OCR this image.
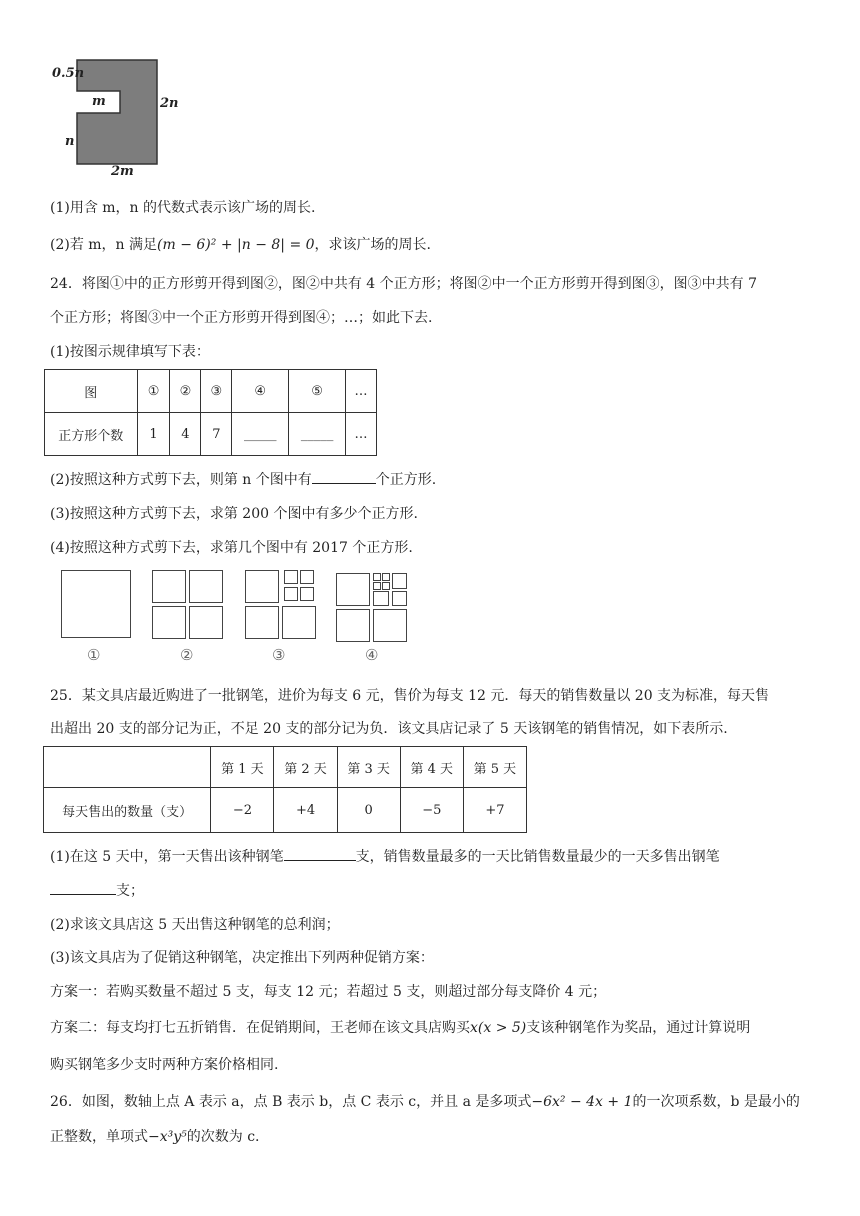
0.5n
m	2n
n
2m
(1)用含 m，n 的代数式表示该广场的周长.
(2)若 m，n 满足(m − 6)² + |n − 8| = 0，求该广场的周长.
24．将图①中的正方形剪开得到图②，图②中共有 4 个正方形；将图②中一个正方形剪开得到图③，图③中共有 7
个正方形；将图③中一个正方形剪开得到图④；…；如此下去.
(1)按图示规律填写下表：
图	①	②	③	④	⑤	…
正方形个数	1	4	7	_____	_____	…
(2)按照这种方式剪下去，则第 n 个图中有	个正方形.
(3)按照这种方式剪下去，求第 200 个图中有多少个正方形.
(4)按照这种方式剪下去，求第几个图中有 2017 个正方形.
①	②	③	④
25．某文具店最近购进了一批钢笔，进价为每支 6 元，售价为每支 12 元．每天的销售数量以 20 支为标准，每天售
出超出 20 支的部分记为正，不足 20 支的部分记为负．该文具店记录了 5 天该钢笔的销售情况，如下表所示.
	第 1 天	第 2 天	第 3 天	第 4 天	第 5 天
每天售出的数量（支）	−2	+4	0	−5	+7
(1)在这 5 天中，第一天售出该种钢笔	支，销售数量最多的一天比销售数量最少的一天多售出钢笔
支；
(2)求该文具店这 5 天出售这种钢笔的总利润；
(3)该文具店为了促销这种钢笔，决定推出下列两种促销方案：
方案一：若购买数量不超过 5 支，每支 12 元；若超过 5 支，则超过部分每支降价 4 元；
方案二：每支均打七五折销售．在促销期间，王老师在该文具店购买x(x > 5)支该种钢笔作为奖品，通过计算说明
购买钢笔多少支时两种方案价格相同.
26．如图，数轴上点 A 表示 a，点 B 表示 b，点 C 表示 c，并且 a 是多项式−6x² − 4x + 1的一次项系数，b 是最小的
正整数，单项式−x³y⁵的次数为 c.
